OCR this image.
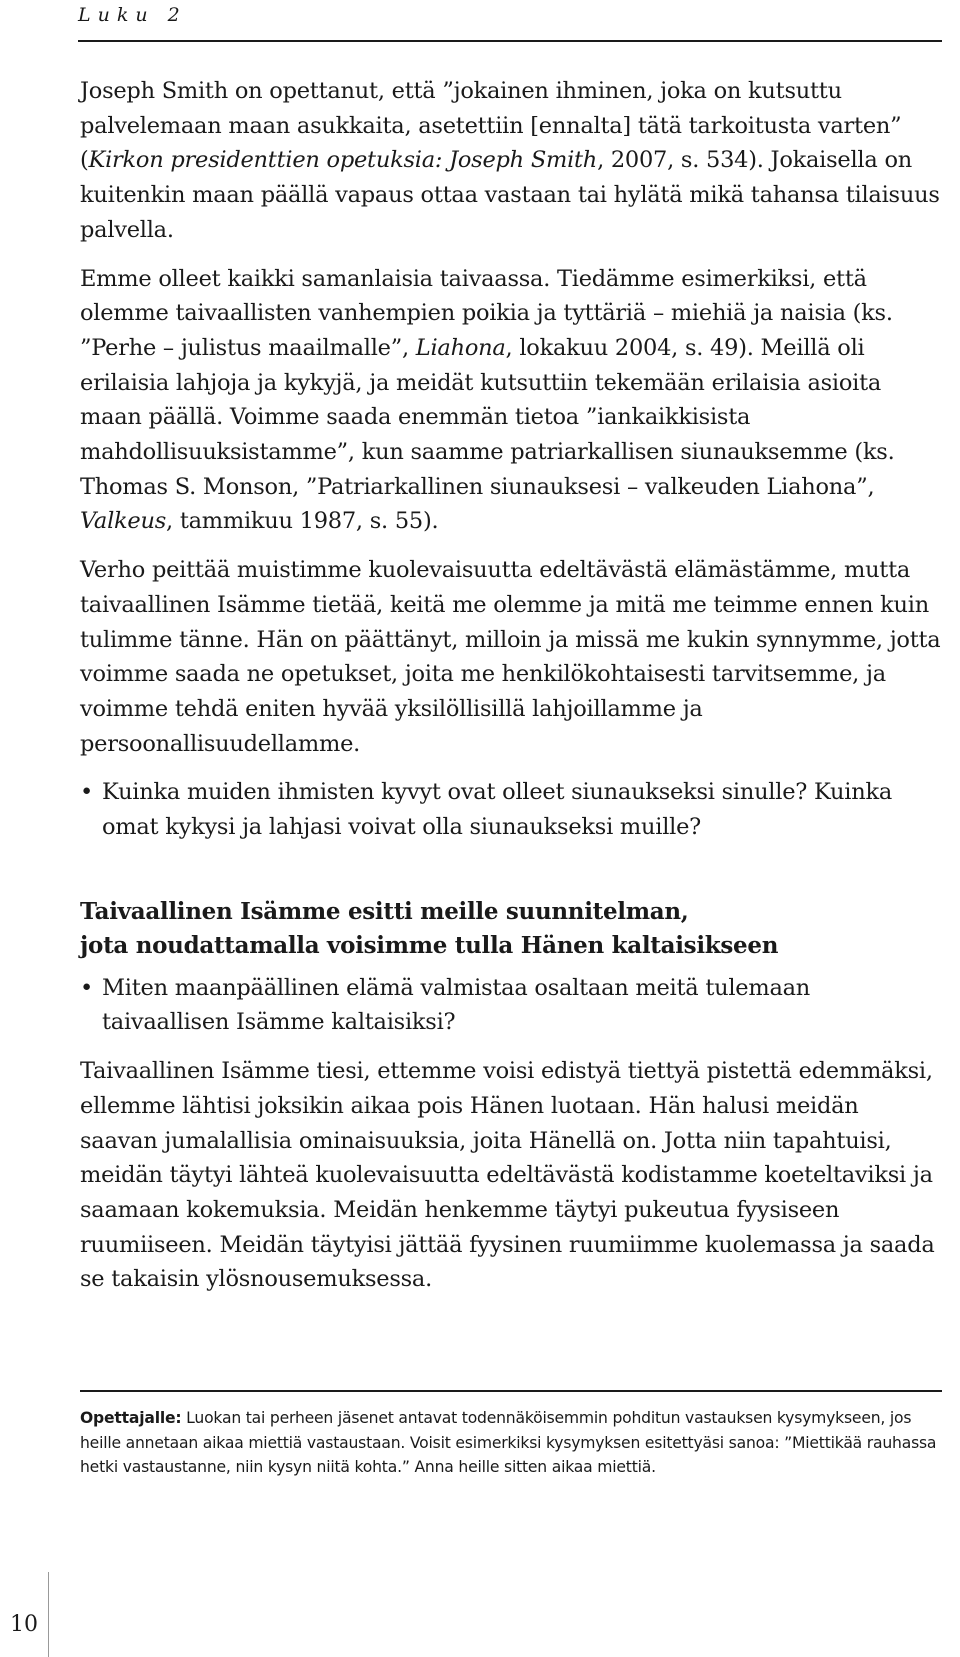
Luku 2

Joseph Smith on opettanut, että ”jokainen ihminen, joka on kutsuttu palvelemaan maan asukkaita, asetettiin [ennalta] tätä tarkoitusta varten” (Kirkon presidenttien opetuksia: Joseph Smith, 2007, s. 534). Jokaisella on kuitenkin maan päällä vapaus ottaa vastaan tai hylätä mikä tahansa tilaisuus palvella.

Emme olleet kaikki samanlaisia taivaassa. Tiedämme esimerkiksi, että olemme taivaallisten vanhempien poikia ja tyttäriä – miehiä ja naisia (ks. ”Perhe – julistus maailmalle”, Liahona, lokakuu 2004, s. 49). Meillä oli erilaisia lahjoja ja kykyjä, ja meidät kutsuttiin tekemään erilaisia asioita maan päällä. Voimme saada enemmän tietoa ”iankaikkisista mahdollisuuksistamme”, kun saamme patriarkallisen siunauksemme (ks. Thomas S. Monson, ”Patriarkallinen siunauksesi – valkeuden Liahona”, Valkeus, tammikuu 1987, s. 55).

Verho peittää muistimme kuolevaisuutta edeltävästä elämästämme, mutta taivaallinen Isämme tietää, keitä me olemme ja mitä me teimme ennen kuin tulimme tänne. Hän on päättänyt, milloin ja missä me kukin synnymme, jotta voimme saada ne opetukset, joita me henkilökohtaisesti tarvitsemme, ja voimme tehdä eniten hyvää yksilöllisillä lahjoillamme ja persoonallisuudellamme.

• Kuinka muiden ihmisten kyvyt ovat olleet siunaukseksi sinulle? Kuinka omat kykysi ja lahjasi voivat olla siunaukseksi muille?
Taivaallinen Isämme esitti meille suunnitelman,
jota noudattamalla voisimme tulla Hänen kaltaisikseen
• Miten maanpäällinen elämä valmistaa osaltaan meitä tulemaan taivaallisen Isämme kaltaisiksi?

Taivaallinen Isämme tiesi, ettemme voisi edistyä tiettyä pistettä edemmäksi, ellemme lähtisi joksikin aikaa pois Hänen luotaan. Hän halusi meidän saavan jumalallisia ominaisuuksia, joita Hänellä on. Jotta niin tapahtuisi, meidän täytyi lähteä kuolevaisuutta edeltävästä kodistamme koeteltaviksi ja saamaan kokemuksia. Meidän henkemme täytyi pukeutua fyysiseen ruumiiseen. Meidän täytyisi jättää fyysinen ruumiimme kuolemassa ja saada se takaisin ylösnousemuksessa.

Opettajalle: Luokan tai perheen jäsenet antavat todennäköisemmin pohditun vastauksen kysymykseen, jos heille annetaan aikaa miettiä vastaustaan. Voisit esimerkiksi kysymyksen esitettyäsi sanoa: ”Miettikää rauhassa hetki vastaustanne, niin kysyn niitä kohta.” Anna heille sitten aikaa miettiä.
10
